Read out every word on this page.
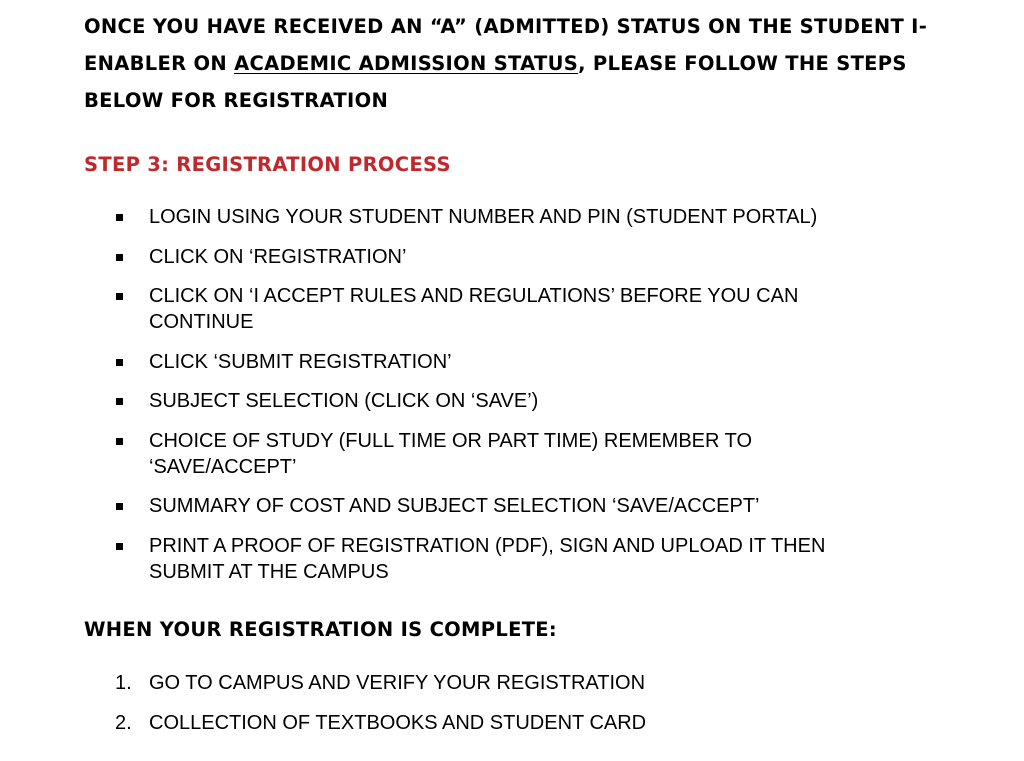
ONCE YOU HAVE RECEIVED AN “A” (ADMITTED) STATUS ON THE STUDENT I-ENABLER ON ACADEMIC ADMISSION STATUS, PLEASE FOLLOW THE STEPS BELOW FOR REGISTRATION

STEP 3: REGISTRATION PROCESS
LOGIN USING YOUR STUDENT NUMBER AND PIN (STUDENT PORTAL)
CLICK ON ‘REGISTRATION’
CLICK ON ‘I ACCEPT RULES AND REGULATIONS’ BEFORE YOU CAN CONTINUE
CLICK ‘SUBMIT REGISTRATION’
SUBJECT SELECTION (CLICK ON ‘SAVE’)
CHOICE OF STUDY (FULL TIME OR PART TIME) REMEMBER TO ‘SAVE/ACCEPT’
SUMMARY OF COST AND SUBJECT SELECTION ‘SAVE/ACCEPT’
PRINT A PROOF OF REGISTRATION (PDF), SIGN AND UPLOAD IT THEN SUBMIT AT THE CAMPUS
WHEN YOUR REGISTRATION IS COMPLETE:
1. GO TO CAMPUS AND VERIFY YOUR REGISTRATION
2. COLLECTION OF TEXTBOOKS AND STUDENT CARD
